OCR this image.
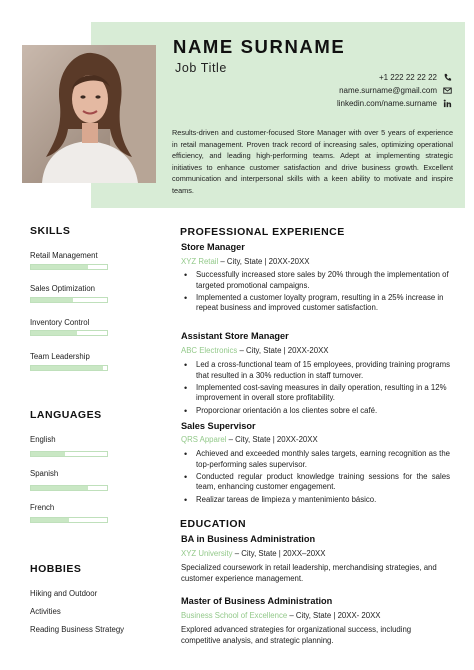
NAME SURNAME
Job Title
+1 222 22 22 22
name.surname@gmail.com
linkedin.com/name.surname

Results-driven and customer-focused Store Manager with over 5 years of experience in retail management. Proven track record of increasing sales, optimizing operational efficiency, and leading high-performing teams. Adept at implementing strategic initiatives to enhance customer satisfaction and drive business growth. Excellent communication and interpersonal skills with a keen ability to motivate and inspire teams.

SKILLS
Retail Management
Sales Optimization
Inventory Control
Team Leadership
LANGUAGES
English
Spanish
French
HOBBIES
Hiking and Outdoor
Activities
Reading Business Strategy
PROFESSIONAL EXPERIENCE
Store Manager
XYZ Retail – City, State | 20XX-20XX
• Successfully increased store sales by 20% through the implementation of targeted promotional campaigns.
• Implemented a customer loyalty program, resulting in a 25% increase in repeat business and improved customer satisfaction.
Assistant Store Manager
ABC Electronics – City, State | 20XX-20XX
• Led a cross-functional team of 15 employees, providing training programs that resulted in a 30% reduction in staff turnover.
• Implemented cost-saving measures in daily operation, resulting in a 12% improvement in overall store profitability.
• Proporcionar orientación a los clientes sobre el café.
Sales Supervisor
QRS Apparel – City, State | 20XX-20XX
• Achieved and exceeded monthly sales targets, earning recognition as the top-performing sales supervisor.
• Conducted regular product knowledge training sessions for the sales team, enhancing customer engagement.
• Realizar tareas de limpieza y mantenimiento básico.
EDUCATION
BA in Business Administration
XYZ University – City, State | 20XX–20XX
Specialized coursework in retail leadership, merchandising strategies, and customer experience management.
Master of Business Administration
Business School of Excellence – City, State | 20XX- 20XX
Explored advanced strategies for organizational success, including competitive analysis, and strategic planning.
